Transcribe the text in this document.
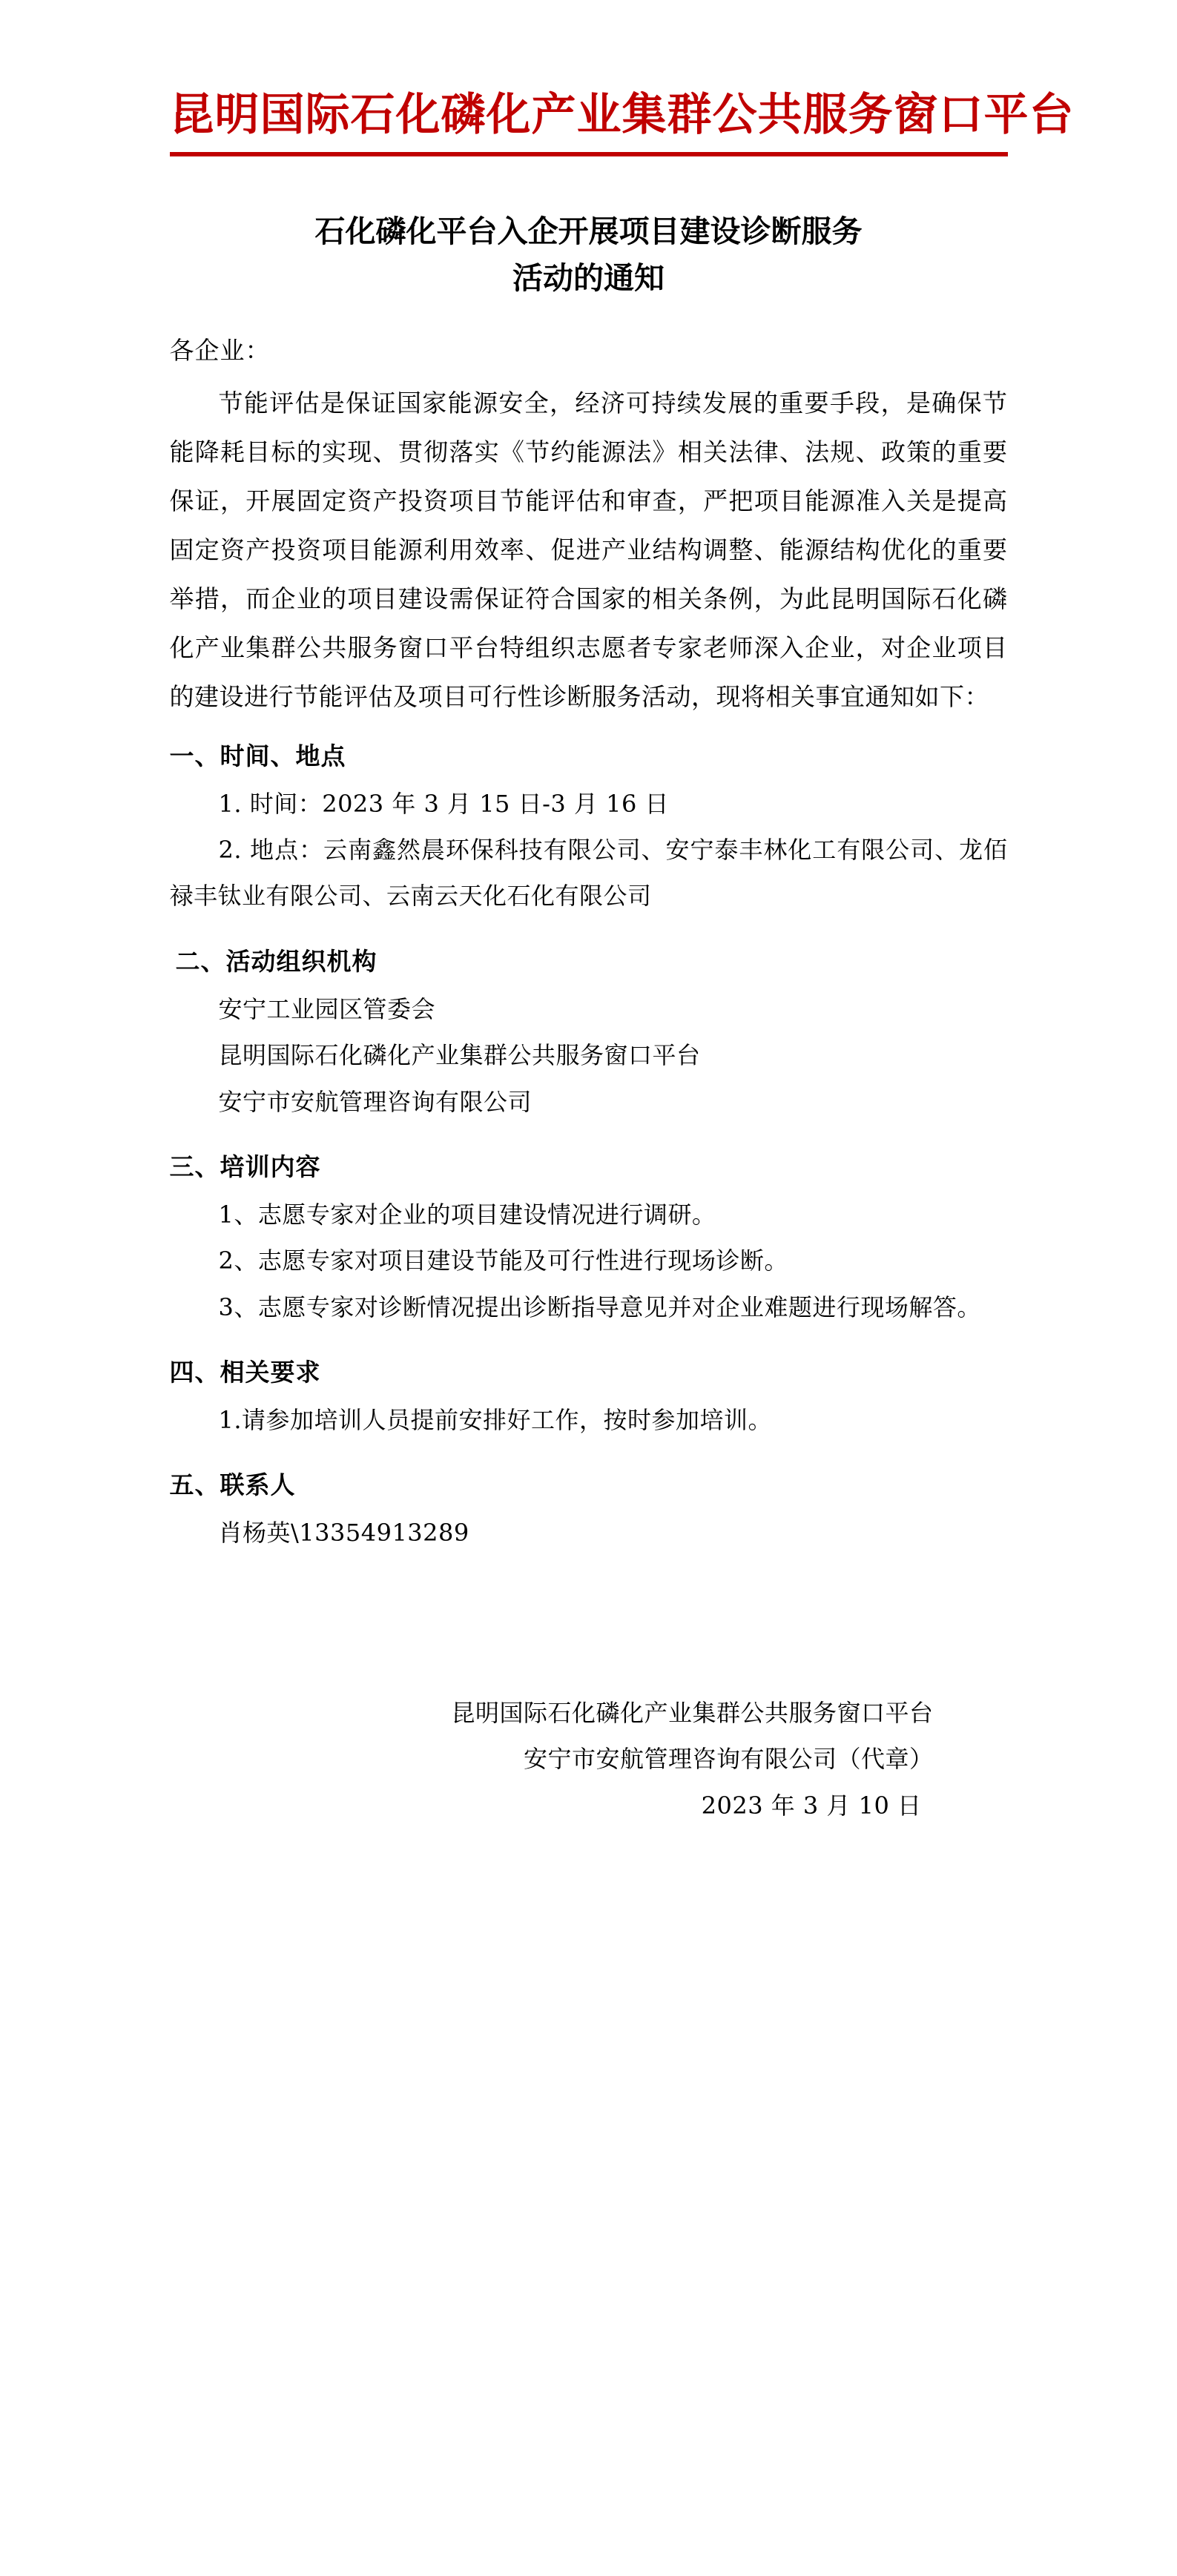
昆明国际石化磷化产业集群公共服务窗口平台
石化磷化平台入企开展项目建设诊断服务
活动的通知
各企业：

节能评估是保证国家能源安全，经济可持续发展的重要手段，是确保节能降耗目标的实现、贯彻落实《节约能源法》相关法律、法规、政策的重要保证，开展固定资产投资项目节能评估和审查，严把项目能源准入关是提高固定资产投资项目能源利用效率、促进产业结构调整、能源结构优化的重要举措，而企业的项目建设需保证符合国家的相关条例，为此昆明国际石化磷化产业集群公共服务窗口平台特组织志愿者专家老师深入企业，对企业项目的建设进行节能评估及项目可行性诊断服务活动，现将相关事宜通知如下：

一、时间、地点
1. 时间：2023 年 3 月 15 日-3 月 16 日
2. 地点：云南鑫然晨环保科技有限公司、安宁泰丰林化工有限公司、龙佰禄丰钛业有限公司、云南云天化石化有限公司
二、活动组织机构
安宁工业园区管委会
昆明国际石化磷化产业集群公共服务窗口平台
安宁市安航管理咨询有限公司
三、培训内容
1、志愿专家对企业的项目建设情况进行调研。
2、志愿专家对项目建设节能及可行性进行现场诊断。
3、志愿专家对诊断情况提出诊断指导意见并对企业难题进行现场解答。
四、相关要求
1.请参加培训人员提前安排好工作，按时参加培训。
五、联系人
肖杨英\13354913289
昆明国际石化磷化产业集群公共服务窗口平台
安宁市安航管理咨询有限公司（代章）
2023 年 3 月 10 日
